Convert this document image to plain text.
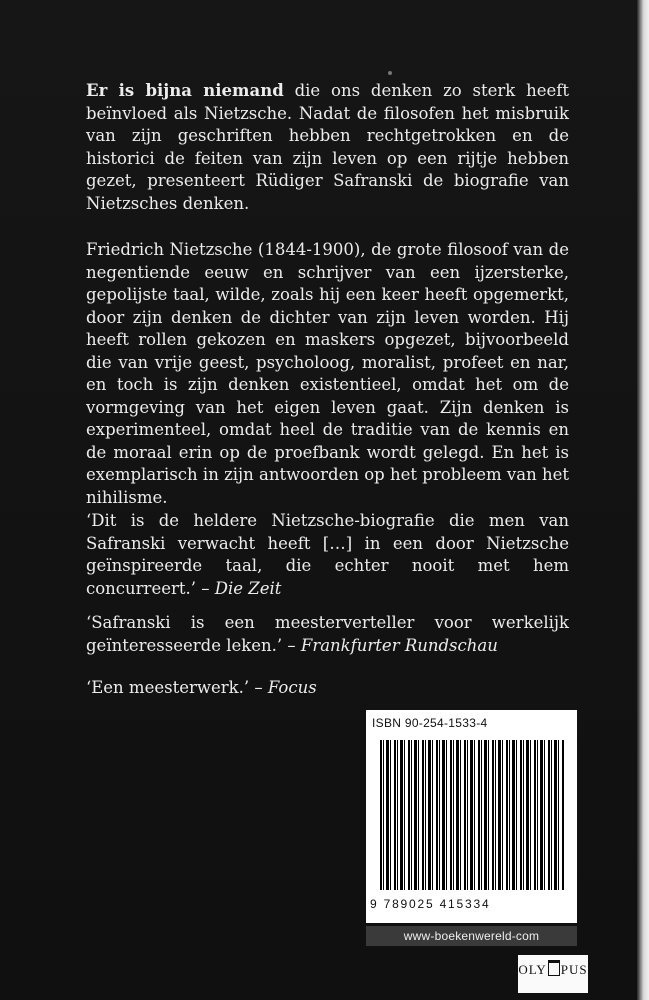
Er is bijna niemand die ons denken zo sterk heeft beïnvloed als Nietzsche. Nadat de filosofen het misbruik van zijn geschriften hebben rechtgetrokken en de historici de feiten van zijn leven op een rijtje hebben gezet, presenteert Rüdiger Safranski de biografie van Nietzsches denken.

Friedrich Nietzsche (1844-1900), de grote filosoof van de negentiende eeuw en schrijver van een ijzersterke, gepolijste taal, wilde, zoals hij een keer heeft opgemerkt, door zijn denken de dichter van zijn leven worden. Hij heeft rollen gekozen en maskers opgezet, bijvoorbeeld die van vrije geest, psycholoog, moralist, profeet en nar, en toch is zijn denken existentieel, omdat het om de vormgeving van het eigen leven gaat. Zijn denken is experimenteel, omdat heel de traditie van de kennis en de moraal erin op de proefbank wordt gelegd. En het is exemplarisch in zijn antwoorden op het probleem van het nihilisme.

‘Dit is de heldere Nietzsche-biografie die men van Safranski verwacht heeft […] in een door Nietzsche geïnspireerde taal, die echter nooit met hem concurreert.’ – Die Zeit

‘Safranski is een meesterverteller voor werkelijk geïnteresseerde leken.’ – Frankfurter Rundschau

‘Een meesterwerk.’ – Focus

ISBN 90-254-1533-4
9 789025 415334
www-boekenwereld-com
OLY PUS
